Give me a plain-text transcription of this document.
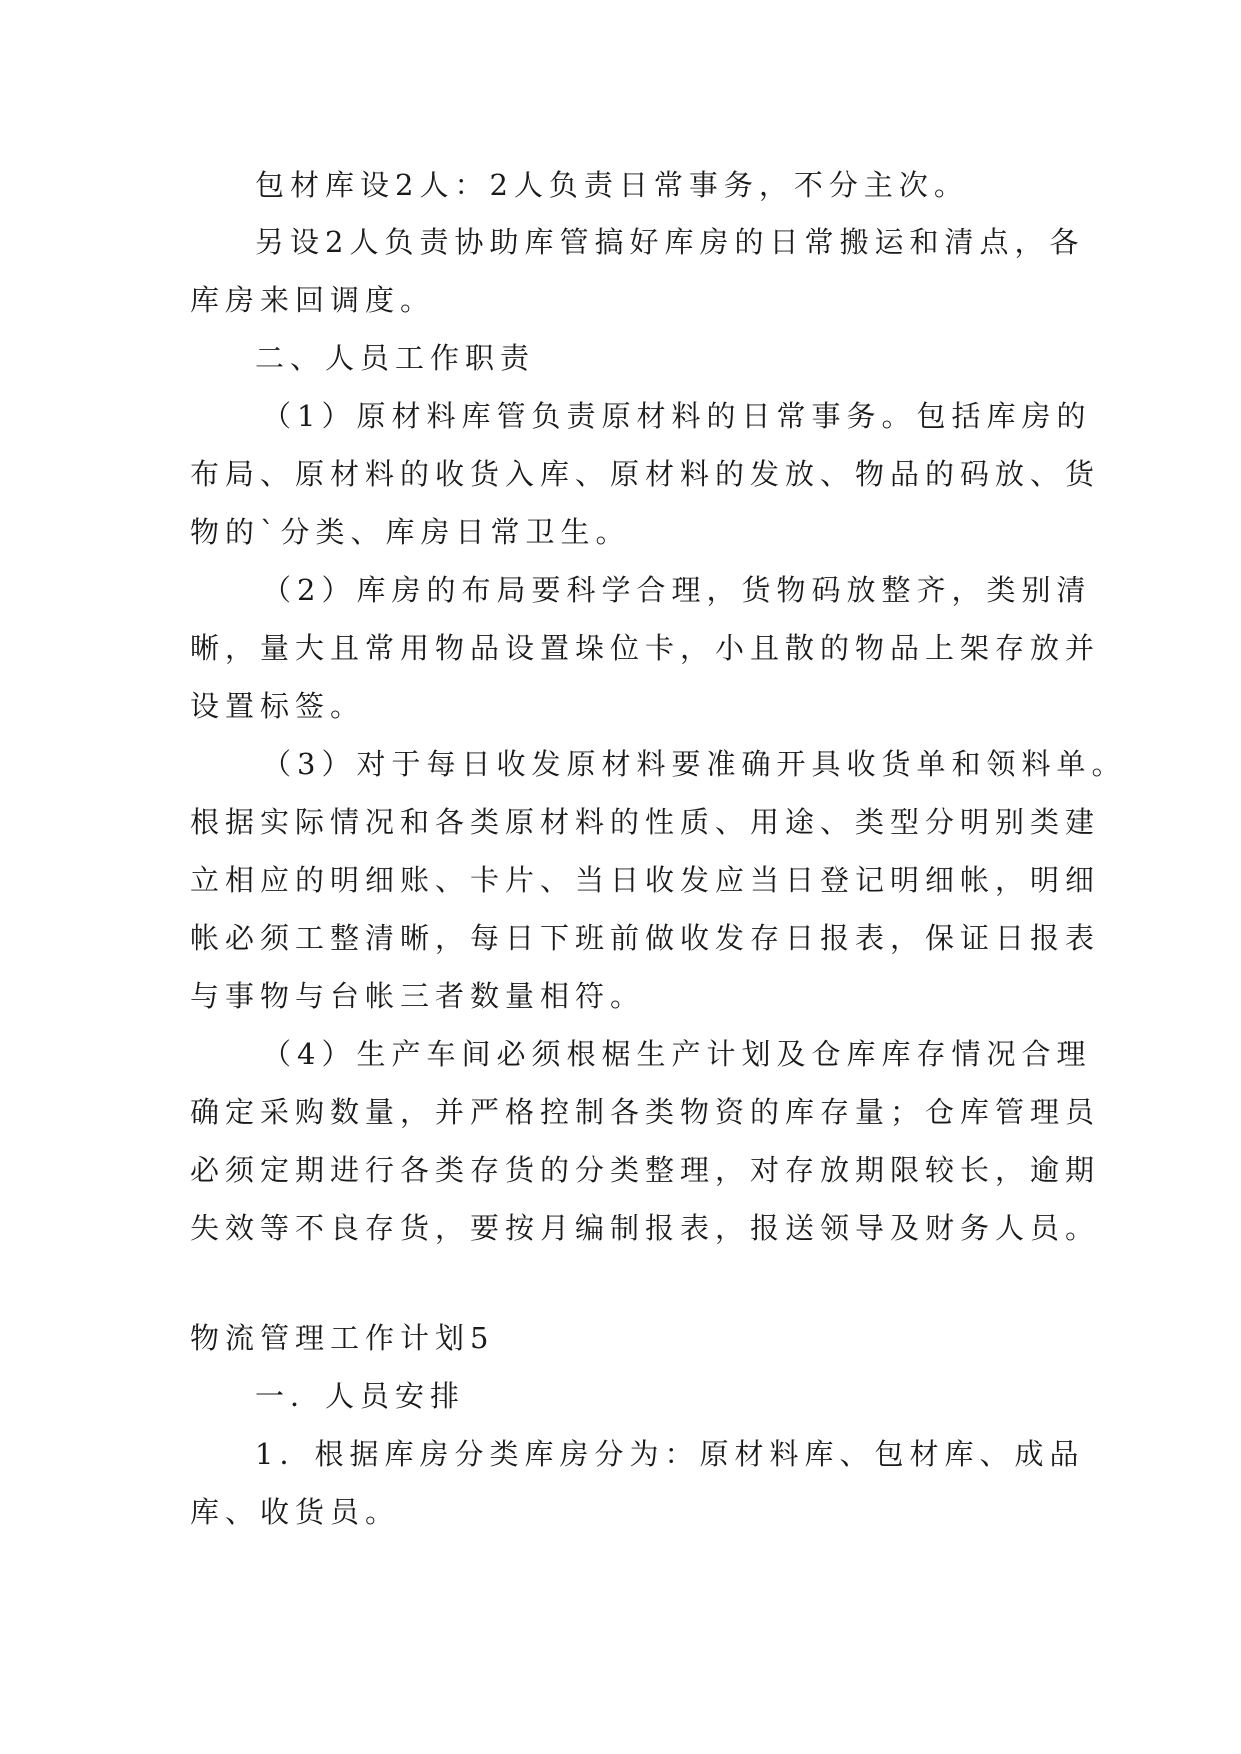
包材库设2人：2人负责日常事务，不分主次。
另设2人负责协助库管搞好库房的日常搬运和清点，各
库房来回调度。
二、人员工作职责
（1）原材料库管负责原材料的日常事务。包括库房的
布局、原材料的收货入库、原材料的发放、物品的码放、货
物的`分类、库房日常卫生。
（2）库房的布局要科学合理，货物码放整齐，类别清
晰，量大且常用物品设置垛位卡，小且散的物品上架存放并
设置标签。
（3）对于每日收发原材料要准确开具收货单和领料单。
根据实际情况和各类原材料的性质、用途、类型分明别类建
立相应的明细账、卡片、当日收发应当日登记明细帐，明细
帐必须工整清晰，每日下班前做收发存日报表，保证日报表
与事物与台帐三者数量相符。
（4）生产车间必须根椐生产计划及仓库库存情况合理
确定采购数量，并严格控制各类物资的库存量；仓库管理员
必须定期进行各类存货的分类整理，对存放期限较长，逾期
失效等不良存货，要按月编制报表，报送领导及财务人员。
物流管理工作计划5
一．人员安排
1．根据库房分类库房分为：原材料库、包材库、成品
库、收货员。
